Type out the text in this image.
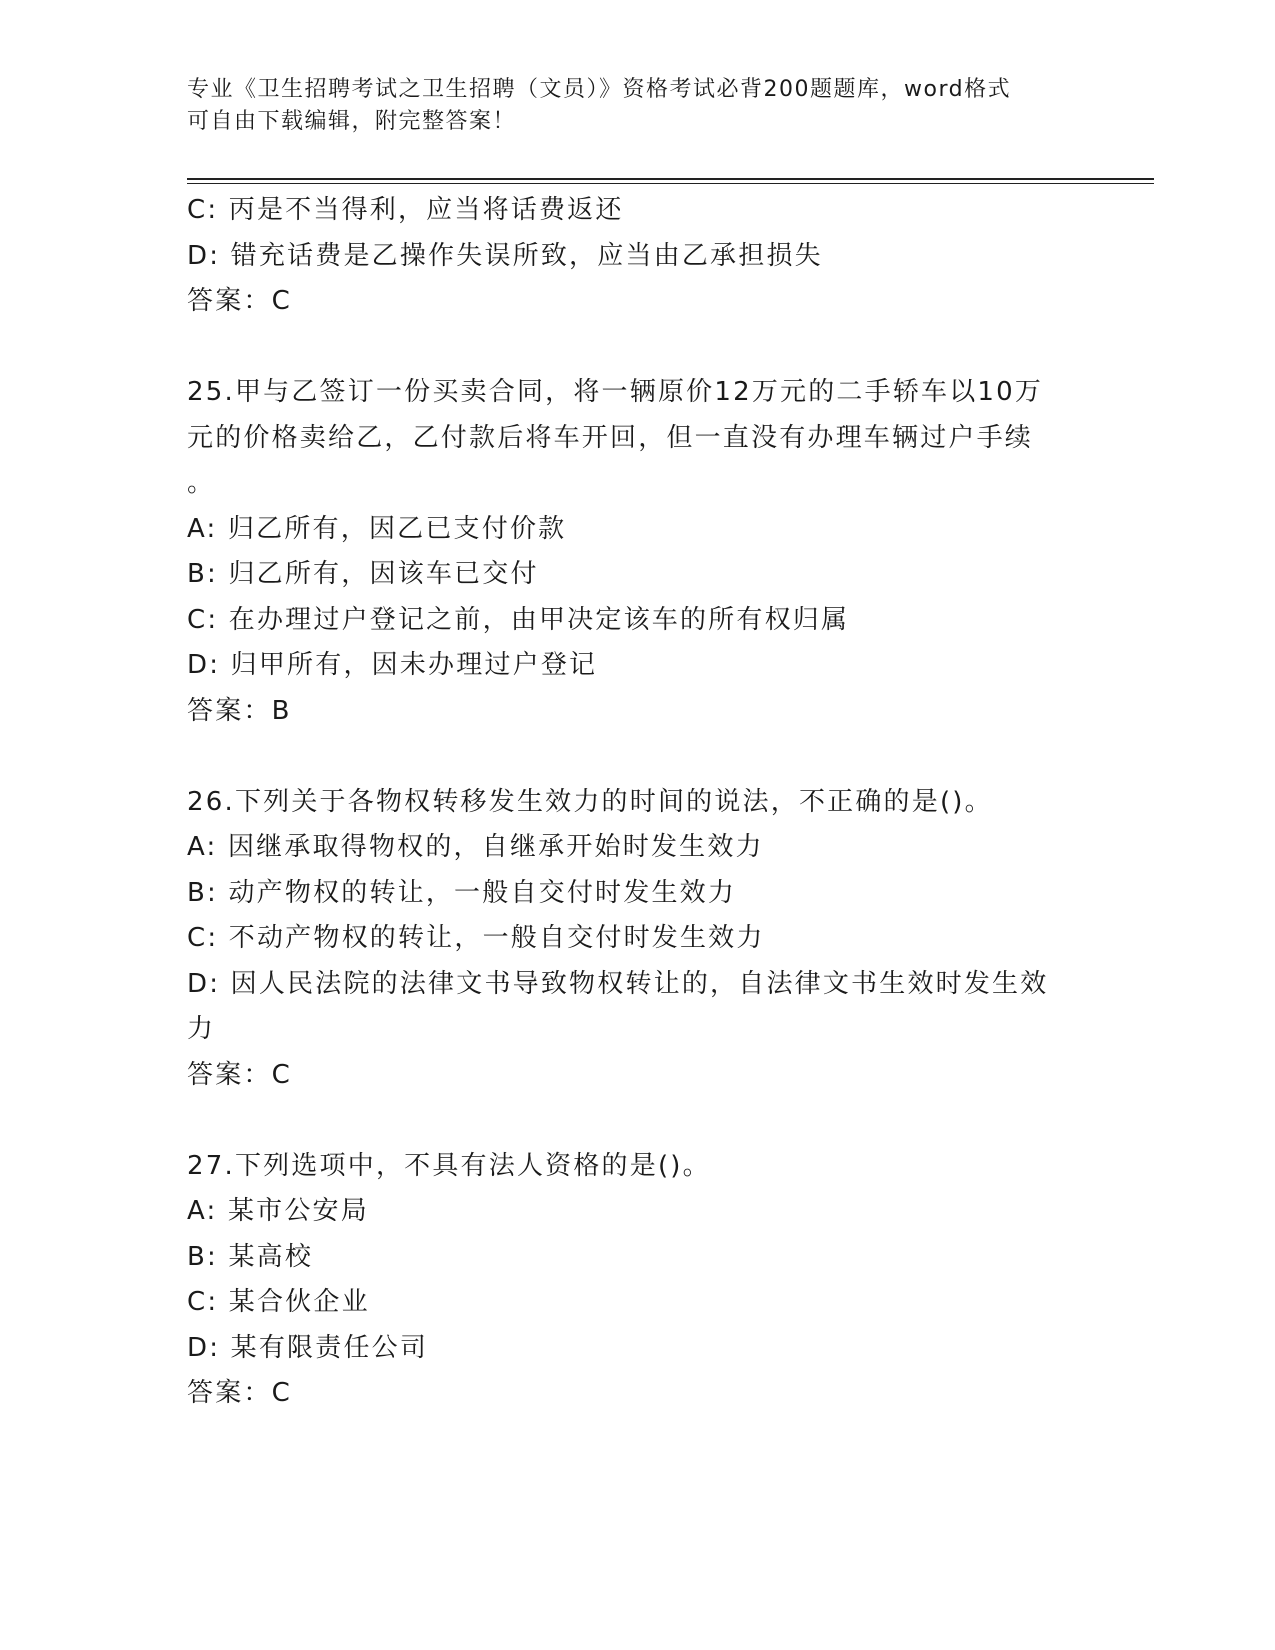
专业《卫生招聘考试之卫生招聘（文员）》资格考试必背200题题库，word格式
可自由下载编辑，附完整答案！

C: 丙是不当得利，应当将话费返还

D: 错充话费是乙操作失误所致，应当由乙承担损失

答案：C

25.甲与乙签订一份买卖合同，将一辆原价12万元的二手轿车以10万

元的价格卖给乙，乙付款后将车开回，但一直没有办理车辆过户手续

。

A: 归乙所有，因乙已支付价款

B: 归乙所有，因该车已交付

C: 在办理过户登记之前，由甲决定该车的所有权归属

D: 归甲所有，因未办理过户登记

答案：B

26.下列关于各物权转移发生效力的时间的说法，不正确的是()。

A: 因继承取得物权的，自继承开始时发生效力

B: 动产物权的转让，一般自交付时发生效力

C: 不动产物权的转让，一般自交付时发生效力

D: 因人民法院的法律文书导致物权转让的，自法律文书生效时发生效

力

答案：C

27.下列选项中，不具有法人资格的是()。

A: 某市公安局

B: 某高校

C: 某合伙企业

D: 某有限责任公司

答案：C
